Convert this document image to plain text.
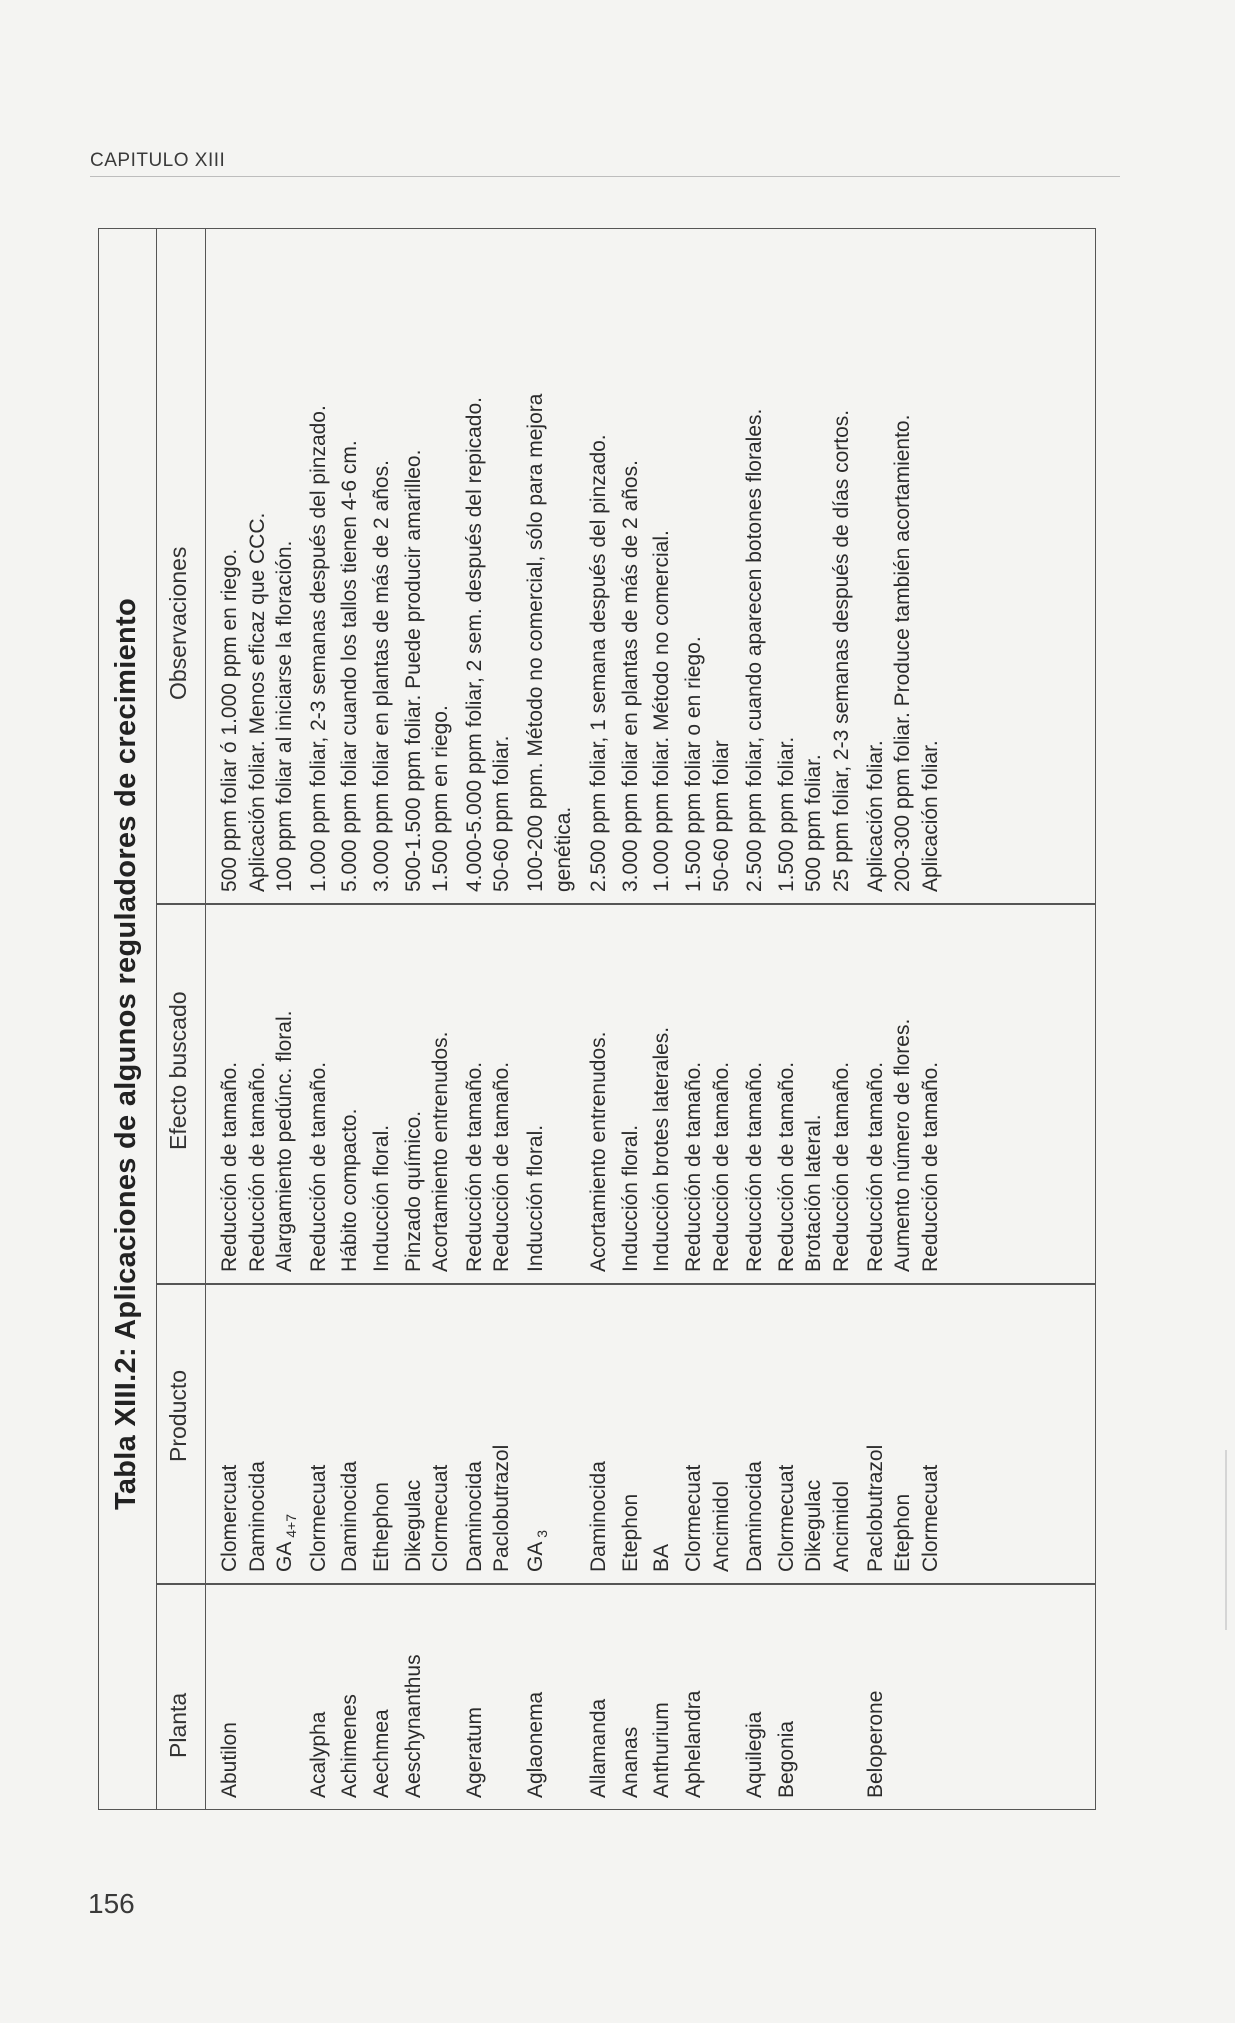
CAPITULO XIII
Tabla XIII.2: Aplicaciones de algunos reguladores de crecimiento
Planta
Producto
Efecto buscado
Observaciones
Abutilon
Clomercuat
Reducción de tamaño.
500 ppm foliar ó 1.000 ppm en riego.
Daminocida
Reducción de tamaño.
Aplicación foliar. Menos eficaz que CCC.
GA $_{4+7}$
Alargamiento pedúnc. floral.
100 ppm foliar al iniciarse la floración.
Acalypha
Clormecuat
Reducción de tamaño.
1.000 ppm foliar, 2-3 semanas después del pinzado.
Achimenes
Daminocida
Hábito compacto.
5.000 ppm foliar cuando los tallos tienen 4-6 cm.
Aechmea
Ethephon
Inducción floral.
3.000 ppm foliar en plantas de más de 2 años.
Aeschynanthus
Dikegulac
Pinzado químico.
500-1.500 ppm foliar. Puede producir amarilleo.
Clormecuat
Acortamiento entrenudos.
1.500 ppm en riego.
Ageratum
Daminocida
Reducción de tamaño.
4.000-5.000 ppm foliar, 2 sem. después del repicado.
Paclobutrazol
Reducción de tamaño.
50-60 ppm foliar.
Aglaonema
GA $_3$
Inducción floral.
100-200 ppm. Método no comercial, sólo para mejora genética.
Allamanda
Daminocida
Acortamiento entrenudos.
2.500 ppm foliar, 1 semana después del pinzado.
Ananas
Etephon
Inducción floral.
3.000 ppm foliar en plantas de más de 2 años.
Anthurium
BA
Inducción brotes laterales.
1.000 ppm foliar. Método no comercial.
Aphelandra
Clormecuat
Reducción de tamaño.
1.500 ppm foliar o en riego.
Ancimidol
Reducción de tamaño.
50-60 ppm foliar
Aquilegia
Daminocida
Reducción de tamaño.
2.500 ppm foliar, cuando aparecen botones florales.
Begonia
Clormecuat
Reducción de tamaño.
1.500 ppm foliar.
Dikegulac
Brotación lateral.
500 ppm foliar.
Ancimidol
Reducción de tamaño.
25 ppm foliar, 2-3 semanas después de días cortos.
Beloperone
Paclobutrazol
Reducción de tamaño.
Aplicación foliar.
Etephon
Aumento número de flores.
200-300 ppm foliar. Produce también acortamiento.
Clormecuat
Reducción de tamaño.
Aplicación foliar.
156
